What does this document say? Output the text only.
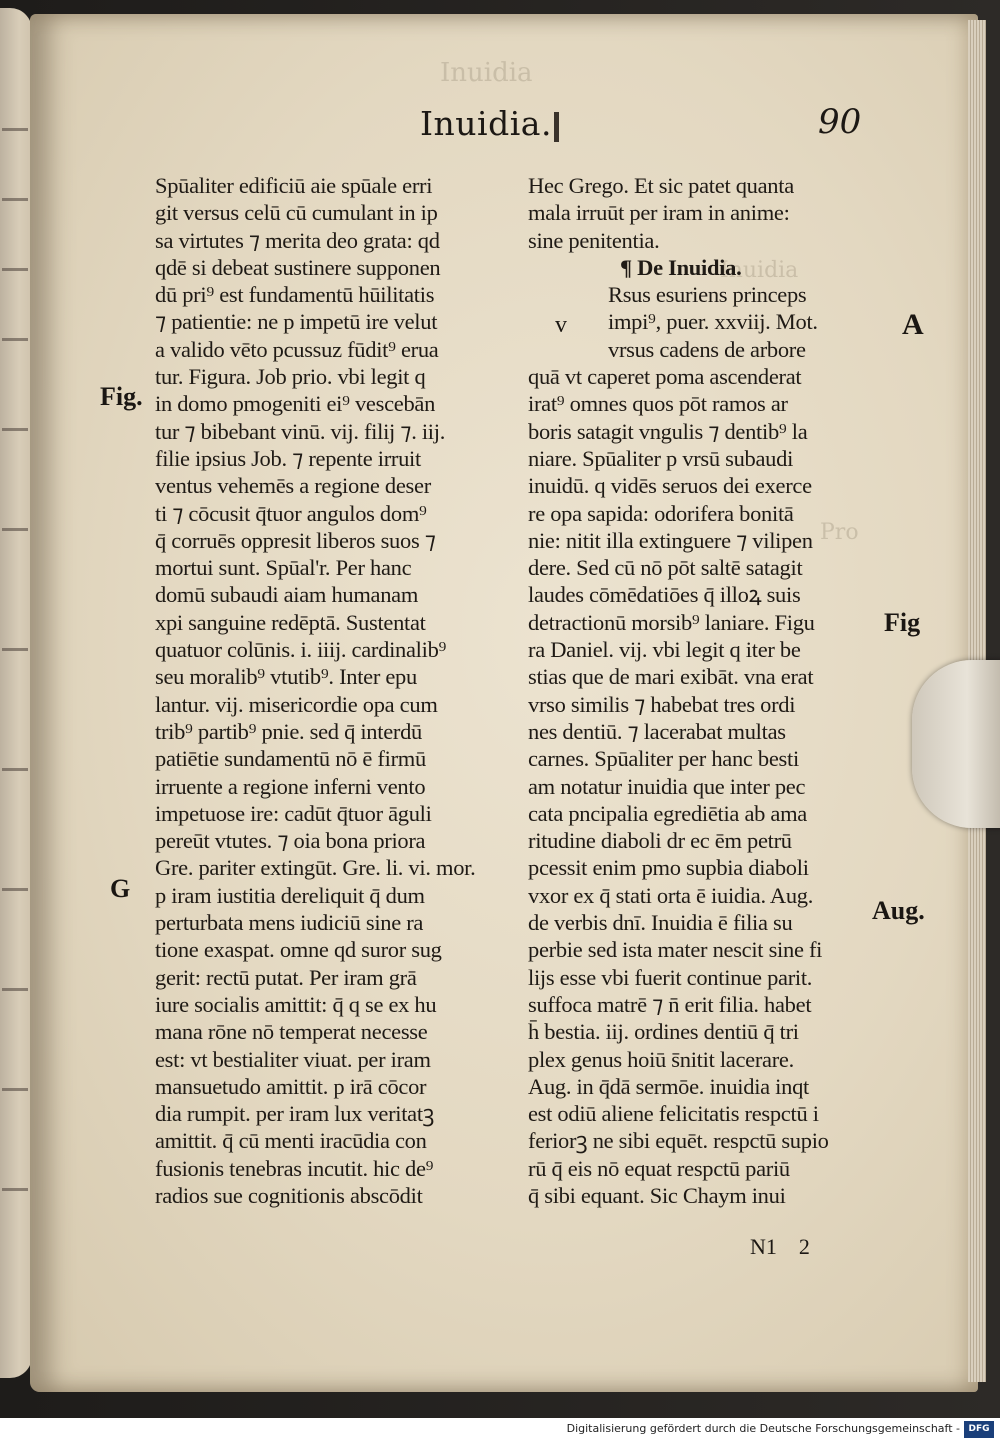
Inuidia
Inuidia
Pro
Inuidia.	90
Spūaliter edificiū aie spūale erri
git versus celū cū cumulant in ip
sa virtutes ⁊ merita deo grata: qd
qdē si debeat sustinere supponen
dū pri⁹ est fundamentū hūilitatis
⁊ patientie: ne p impetū ire velut
a valido vēto pcussuz fūdit⁹ erua
tur. Figura. Job prio. vbi legit q
in domo pmogeniti ei⁹ vescebān
tur ⁊ bibebant vinū. vij. filij ⁊. iij.
filie ipsius Job. ⁊ repente irruit
ventus vehemēs a regione deser
ti ⁊ cōcusit q̄tuor angulos dom⁹
q̄ corruēs oppresit liberos suos ⁊
mortui sunt. Spūal'r. Per hanc
domū subaudi aiam humanam
xpi sanguine redēptā. Sustentat
quatuor colūnis. i. iiij. cardinalib⁹
seu moralib⁹ vtutib⁹. Inter epu
lantur. vij. misericordie opa cum
trib⁹ partib⁹ pnie. sed q̄ interdū
patiētie sundamentū nō ē firmū
irruente a regione inferni vento
impetuose ire: cadūt q̄tuor āguli
pereūt vtutes. ⁊ oia bona priora
Gre. pariter extingūt. Gre. li. vi. mor.
p iram iustitia dereliquit q̄ dum
perturbata mens iudiciū sine ra
tione exaspat. omne qd suror sug
gerit: rectū putat. Per iram grā
iure socialis amittit: q̄ q se ex hu
mana rōne nō temperat necesse
est: vt bestialiter viuat. per iram
mansuetudo amittit. p irā cōcor
dia rumpit. per iram lux veritatꝫ
amittit. q̄ cū menti iracūdia con
fusionis tenebras incutit. hic de⁹
radios sue cognitionis abscōdit
Hec Grego. Et sic patet quanta
mala irruūt per iram in anime:
sine penitentia.
¶ De Inuidia.
Rsus esuriens princeps
impi⁹, puer. xxviij. Mot.
vrsus cadens de arbore
quā vt caperet poma ascenderat
irat⁹ omnes quos pōt ramos ar
boris satagit vngulis ⁊ dentib⁹ la
niare. Spūaliter p vrsū subaudi
inuidū. q vidēs seruos dei exerce
re opa sapida: odorifera bonitā
nie: nitit illa extinguere ⁊ vilipen
dere. Sed cū nō pōt saltē satagit
laudes cōmēdatiōes q̄ illoꝝ suis
detractionū morsib⁹ laniare. Figu
ra Daniel. vij. vbi legit q iter be
stias que de mari exibāt. vna erat
vrso similis ⁊ habebat tres ordi
nes dentiū. ⁊ lacerabat multas
carnes. Spūaliter per hanc besti
am notatur inuidia que inter pec
cata pncipalia egrediētia ab ama
ritudine diaboli dr ec ēm petrū
pcessit enim pmo supbia diaboli
vxor ex q̄ stati orta ē iuidia. Aug.
de verbis dnī. Inuidia ē filia su
perbie sed ista mater nescit sine fi
lijs esse vbi fuerit continue parit.
suffoca matrē ⁊ n̄ erit filia. habet
h̄ bestia. iij. ordines dentiū q̄ tri
plex genus hoiū s̄nitit lacerare.
Aug. in q̄dā sermōe. inuidia inqt
est odiū aliene felicitatis respctū i
feriorꝫ ne sibi equēt. respctū supio
rū q̄ eis nō equat respctū pariū
q̄ sibi equant. Sic Chaym inui
Fig.
G
v	A
Fig
Aug.
N1 2
Digitalisierung gefördert durch die Deutsche Forschungsgemeinschaft - DFG
